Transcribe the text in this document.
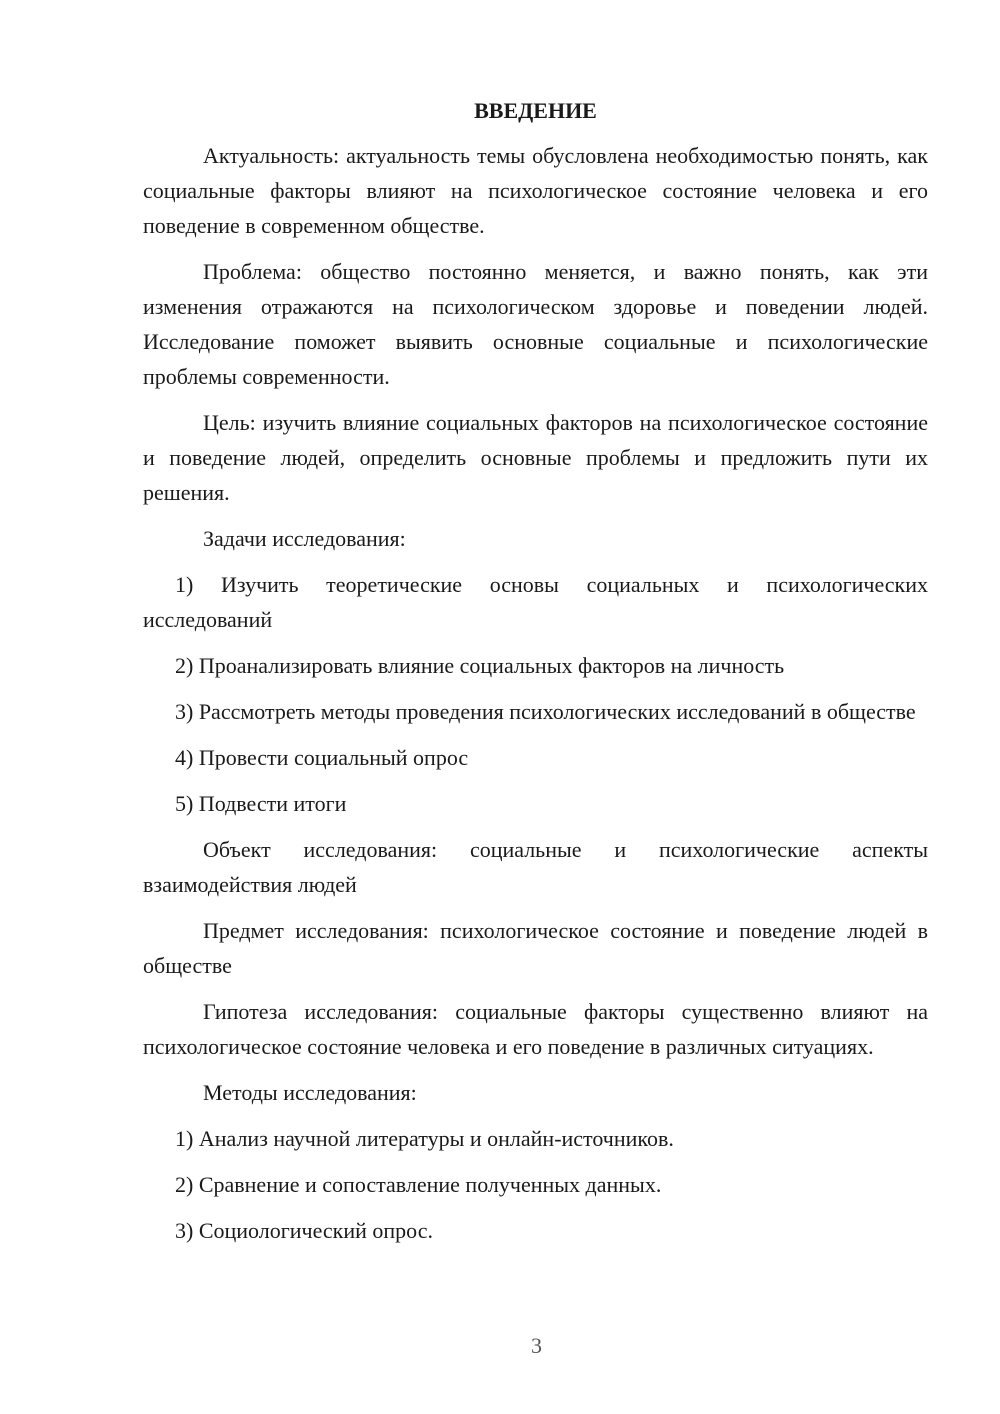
ВВЕДЕНИЕ

Актуальность: актуальность темы обусловлена необходимостью понять, как социальные факторы влияют на психологическое состояние человека и его поведение в современном обществе.

Проблема: общество постоянно меняется, и важно понять, как эти изменения отражаются на психологическом здоровье и поведении людей. Исследование поможет выявить основные социальные и психологические проблемы современности.

Цель: изучить влияние социальных факторов на психологическое состояние и поведение людей, определить основные проблемы и предложить пути их решения.

Задачи исследования:

1) Изучить теоретические основы социальных и психологических исследований

2) Проанализировать влияние социальных факторов на личность

3) Рассмотреть методы проведения психологических исследований в обществе

4) Провести социальный опрос

5) Подвести итоги

Объект исследования: социальные и психологические аспекты взаимодействия людей

Предмет исследования: психологическое состояние и поведение людей в обществе

Гипотеза исследования: социальные факторы существенно влияют на психологическое состояние человека и его поведение в различных ситуациях.

Методы исследования:

1) Анализ научной литературы и онлайн-источников.

2) Сравнение и сопоставление полученных данных.

3) Социологический опрос.

3
